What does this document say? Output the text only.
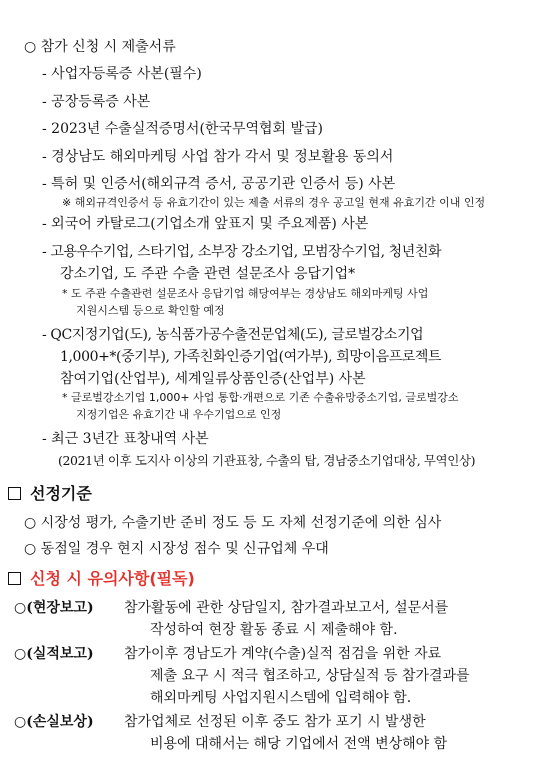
○ 참가 신청 시 제출서류
- 사업자등록증 사본(필수)
- 공장등록증 사본
- 2023년 수출실적증명서(한국무역협회 발급)
- 경상남도 해외마케팅 사업 참가 각서 및 정보활용 동의서
- 특허 및 인증서(해외규격 증서, 공공기관 인증서 등) 사본
※ 해외규격인증서 등 유효기간이 있는 제출 서류의 경우 공고일 현재 유효기간 이내 인정
- 외국어 카탈로그(기업소개 앞표지 및 주요제품) 사본
- 고용우수기업, 스타기업, 소부장 강소기업, 모범장수기업, 청년친화
강소기업, 도 주관 수출 관련 설문조사 응답기업*
* 도 주관 수출관련 설문조사 응답기업 해당여부는 경상남도 해외마케팅 사업
지원시스템 등으로 확인할 예정
- QC지정기업(도), 농식품가공수출전문업체(도), 글로벌강소기업
1,000+*(중기부), 가족친화인증기업(여가부), 희망이음프로젝트
참여기업(산업부), 세계일류상품인증(산업부) 사본
* 글로벌강소기업 1,000+ 사업 통합·개편으로 기존 수출유망중소기업, 글로벌강소
지정기업은 유효기간 내 우수기업으로 인정
- 최근 3년간 표창내역 사본
(2021년 이후 도지사 이상의 기관표창, 수출의 탑, 경남중소기업대상, 무역인상)
선정기준
○ 시장성 평가, 수출기반 준비 정도 등 도 자체 선정기준에 의한 심사
○ 동점일 경우 현지 시장성 점수 및 신규업체 우대
신청 시 유의사항(필독)
○(현장보고) 참가활동에 관한 상담일지, 참가결과보고서, 설문서를
작성하여 현장 활동 종료 시 제출해야 함.
○(실적보고) 참가이후 경남도가 계약(수출)실적 점검을 위한 자료
제출 요구 시 적극 협조하고, 상담실적 등 참가결과를
해외마케팅 사업지원시스템에 입력해야 함.
○(손실보상) 참가업체로 선정된 이후 중도 참가 포기 시 발생한
비용에 대해서는 해당 기업에서 전액 변상해야 함
